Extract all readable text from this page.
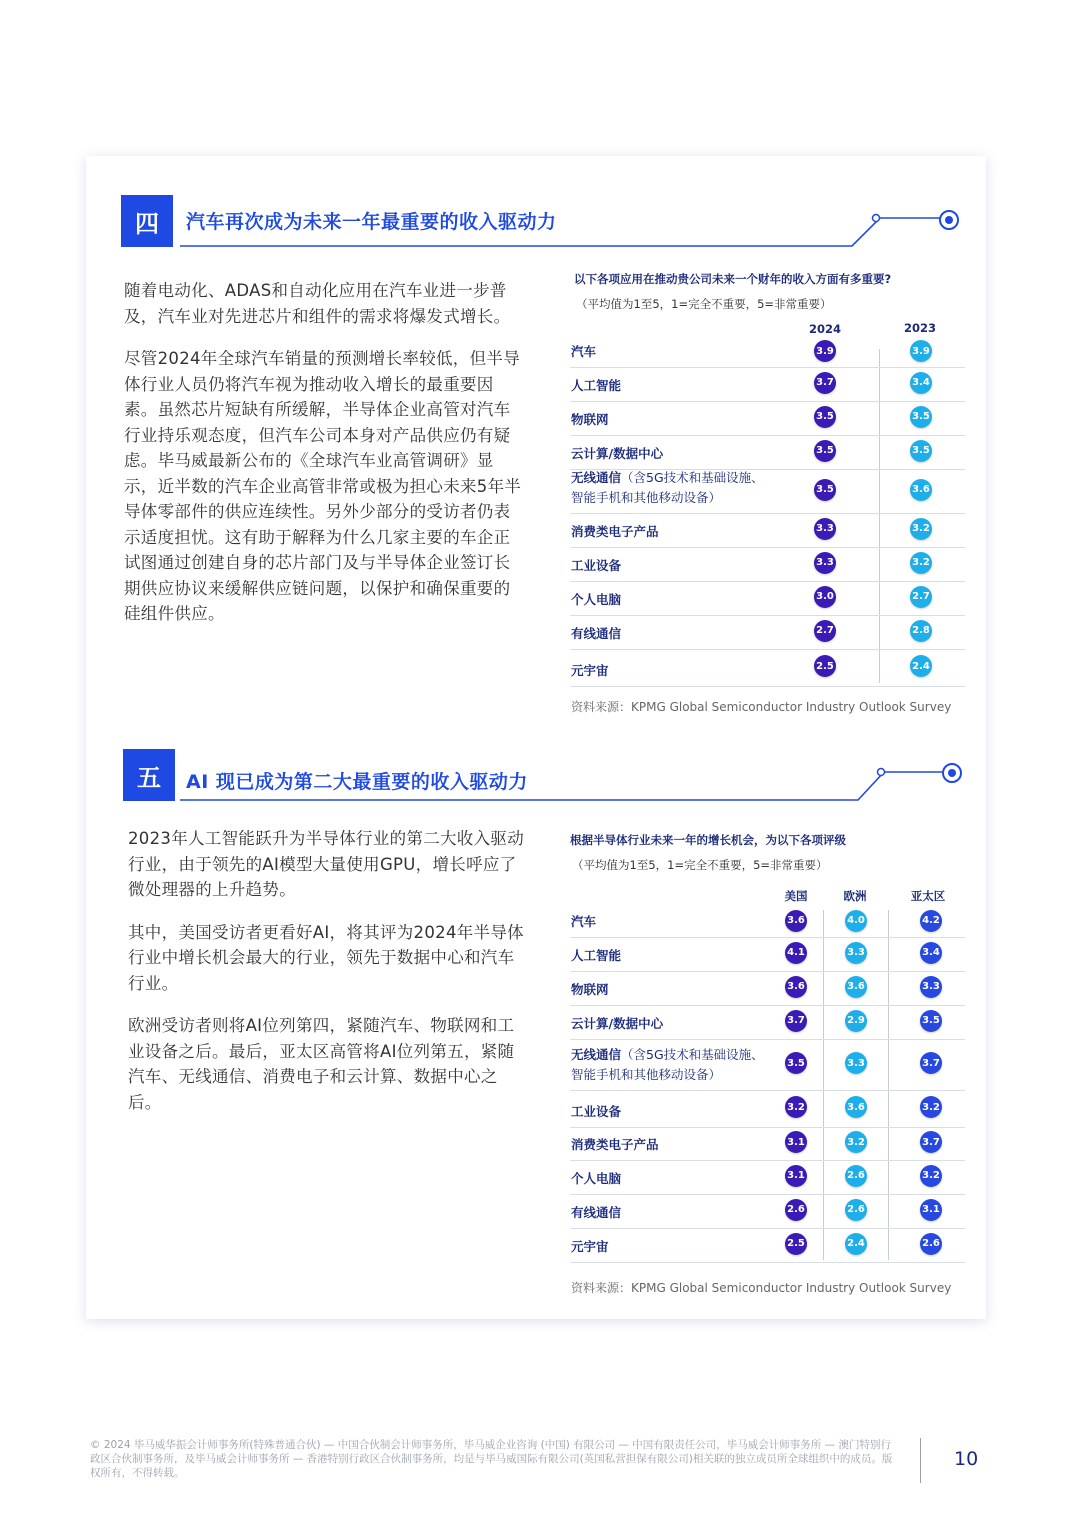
四	汽车再次成为未来一年最重要的收入驱动力

随着电动化、ADAS和自动化应用在汽车业进一步普及，汽车业对先进芯片和组件的需求将爆发式增长。

尽管2024年全球汽车销量的预测增长率较低，但半导体行业人员仍将汽车视为推动收入增长的最重要因素。虽然芯片短缺有所缓解，半导体企业高管对汽车行业持乐观态度，但汽车公司本身对产品供应仍有疑虑。毕马威最新公布的《全球汽车业高管调研》显示，近半数的汽车企业高管非常或极为担心未来5年半导体零部件的供应连续性。另外少部分的受访者仍表示适度担忧。这有助于解释为什么几家主要的车企正试图通过创建自身的芯片部门及与半导体企业签订长期供应协议来缓解供应链问题，以保护和确保重要的硅组件供应。

以下各项应用在推动贵公司未来一个财年的收入方面有多重要?
（平均值为1至5，1=完全不重要，5=非常重要）
2024	2023
汽车	3.9	3.9
人工智能	3.7	3.4
物联网	3.5	3.5
云计算/数据中心	3.5	3.5
无线通信（含5G技术和基础设施、
智能手机和其他移动设备）
3.5	3.6
消费类电子产品	3.3	3.2
工业设备	3.3	3.2
个人电脑	3.0	2.7
有线通信	2.7	2.8
元宇宙	2.5	2.4
资料来源：KPMG Global Semiconductor Industry Outlook Survey
五	AI 现已成为第二大最重要的收入驱动力

2023年人工智能跃升为半导体行业的第二大收入驱动行业，由于领先的AI模型大量使用GPU，增长呼应了微处理器的上升趋势。

其中，美国受访者更看好AI，将其评为2024年半导体行业中增长机会最大的行业，领先于数据中心和汽车行业。

欧洲受访者则将AI位列第四，紧随汽车、物联网和工业设备之后。最后，亚太区高管将AI位列第五，紧随汽车、无线通信、消费电子和云计算、数据中心之后。

根据半导体行业未来一年的增长机会，为以下各项评级
（平均值为1至5，1=完全不重要，5=非常重要）
美国	欧洲	亚太区
汽车	3.6	4.0	4.2
人工智能	4.1	3.3	3.4
物联网	3.6	3.6	3.3
云计算/数据中心	3.7	2.9	3.5
无线通信（含5G技术和基础设施、
智能手机和其他移动设备）
3.5	3.3	3.7
工业设备	3.2	3.6	3.2
消费类电子产品	3.1	3.2	3.7
个人电脑	3.1	2.6	3.2
有线通信	2.6	2.6	3.1
元宇宙	2.5	2.4	2.6
资料来源：KPMG Global Semiconductor Industry Outlook Survey
© 2024 毕马威华振会计师事务所(特殊普通合伙) — 中国合伙制会计师事务所，毕马威企业咨询 (中国) 有限公司 — 中国有限责任公司，毕马威会计师事务所 — 澳门特别行政区合伙制事务所，及毕马威会计师事务所 — 香港特别行政区合伙制事务所，均是与毕马威国际有限公司(英国私营担保有限公司)相关联的独立成员所全球组织中的成员。版权所有，不得转载。
10
